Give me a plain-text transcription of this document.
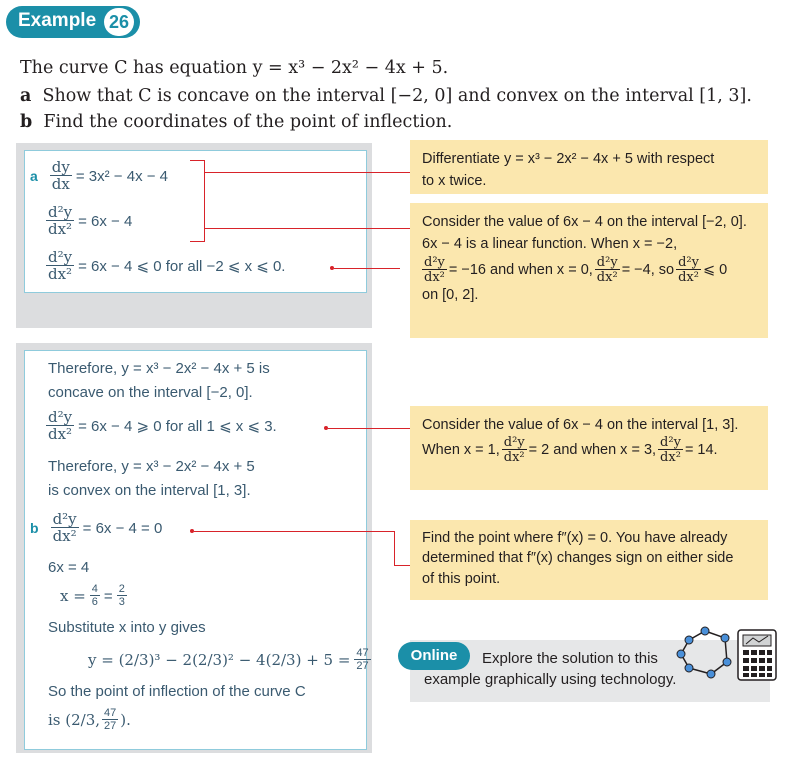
Example 26
The curve C has equation y = x³ − 2x² − 4x + 5.
a Show that C is concave on the interval [−2, 0] and convex on the interval [1, 3].
b Find the coordinates of the point of inflection.
a $\frac{dy}{dx} = 3x^2 - 4x - 4$
$\frac{\text{d²y}}{\text{dx²}} = 6x - 4$
$\frac{\text{d²y}}{\text{dx²}} = 6x - 4$ ⩽ 0 for all −2 ⩽ x ⩽ 0.
Therefore, y = x³ − 2x² − 4x + 5 is
concave on the interval [−2, 0].
$\frac{\text{d²y}}{\text{dx²}} = 6x - 4$ ⩾ 0 for all 1 ⩽ x ⩽ 3.
Therefore, y = x³ − 2x² − 4x + 5
is convex on the interval [1, 3].
b $\frac{\text{d²y}}{\text{dx²}} = 6x - 4 = 0$
6x = 4
$x = \frac{4}{6} = \frac{2}{3}$
Substitute x into y gives
$y = (2/3)^3 - 2(2/3)^2 - 4(2/3) + 5 = \frac{47}{27}$
So the point of inflection of the curve C
is (2/3, $\frac{47}{27}$ ).
Differentiate y = x³ − 2x² − 4x + 5 with respect
to x twice.
Consider the value of 6x − 4 on the interval [−2, 0].
6x − 4 is a linear function. When x = −2,
$\frac{\text{d²y}}{\text{dx²}} = -16$ and when x = 0, $\frac{\text{d²y}}{\text{dx²}} = -4$, so $\frac{\text{d²y}}{\text{dx²}}$ ⩽ 0
on [0, 2].
Consider the value of 6x − 4 on the interval [1, 3].
When x = 1, $\frac{\text{d²y}}{\text{dx²}} = 2$ and when x = 3, $\frac{\text{d²y}}{\text{dx²}} = 14$.
Find the point where f″(x) = 0. You have already
determined that f″(x) changes sign on either side
of this point.
Online	Explore the solution to this
example graphically using technology.
